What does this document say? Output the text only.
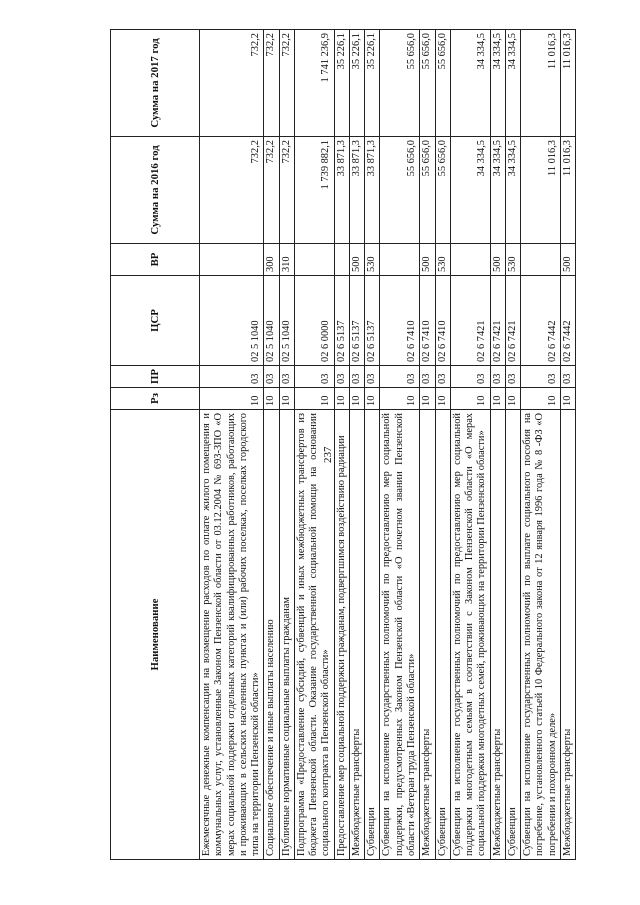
237
Наименование	Рз	ПР	ЦСР	ВР	Сумма на 2016 год	Сумма на 2017 год
Ежемесячные денежные компенсации на возмещение расходов по оплате жилого помещения и коммунальных услуг, установленные Законом Пензенской области от 03.12.2004 № 693-ЗПО «О мерах социальной поддержки отдельных категорий квалифицированных работников, работающих и проживающих в сельских населенных пунктах и (или) рабочих поселках, поселках городского типа на территории Пензенской области»	10	03	02 5 1040		732,2	732,2
Социальное обеспечение и иные выплаты населению	10	03	02 5 1040	300	732,2	732,2
Публичные нормативные социальные выплаты гражданам	10	03	02 5 1040	310	732,2	732,2
Подпрограмма «Предоставление субсидий, субвенций и иных межбюджетных трансфертов из бюджета Пензенской области. Оказание государственной социальной помощи на основании социального контракта в Пензенской области»	10	03	02 6 0000		1 739 882,1	1 741 236,9
Предоставление мер социальной поддержки гражданам, подвергшимся воздействию радиации	10	03	02 6 5137		33 871,3	35 226,1
Межбюджетные трансферты	10	03	02 6 5137	500	33 871,3	35 226,1
Субвенции	10	03	02 6 5137	530	33 871,3	35 226,1
Субвенции на исполнение государственных полномочий по предоставлению мер социальной поддержки, предусмотренных Законом Пензенской области «О почетном звании Пензенской области «Ветеран труда Пензенской области»	10	03	02 6 7410		55 656,0	55 656,0
Межбюджетные трансферты	10	03	02 6 7410	500	55 656,0	55 656,0
Субвенции	10	03	02 6 7410	530	55 656,0	55 656,0
Субвенции на исполнение государственных полномочий по предоставлению мер социальной поддержки многодетным семьям в соответствии с Законом Пензенской области «О мерах социальной поддержки многодетных семей, проживающих на территории Пензенской области»	10	03	02 6 7421		34 334,5	34 334,5
Межбюджетные трансферты	10	03	02 6 7421	500	34 334,5	34 334,5
Субвенции	10	03	02 6 7421	530	34 334,5	34 334,5
Субвенции на исполнение государственных полномочий по выплате социального пособия на погребение, установленного статьей 10 Федерального закона от 12 января 1996 года № 8 -ФЗ «О погребении и похоронном деле»	10	03	02 6 7442		11 016,3	11 016,3
Межбюджетные трансферты	10	03	02 6 7442	500	11 016,3	11 016,3
